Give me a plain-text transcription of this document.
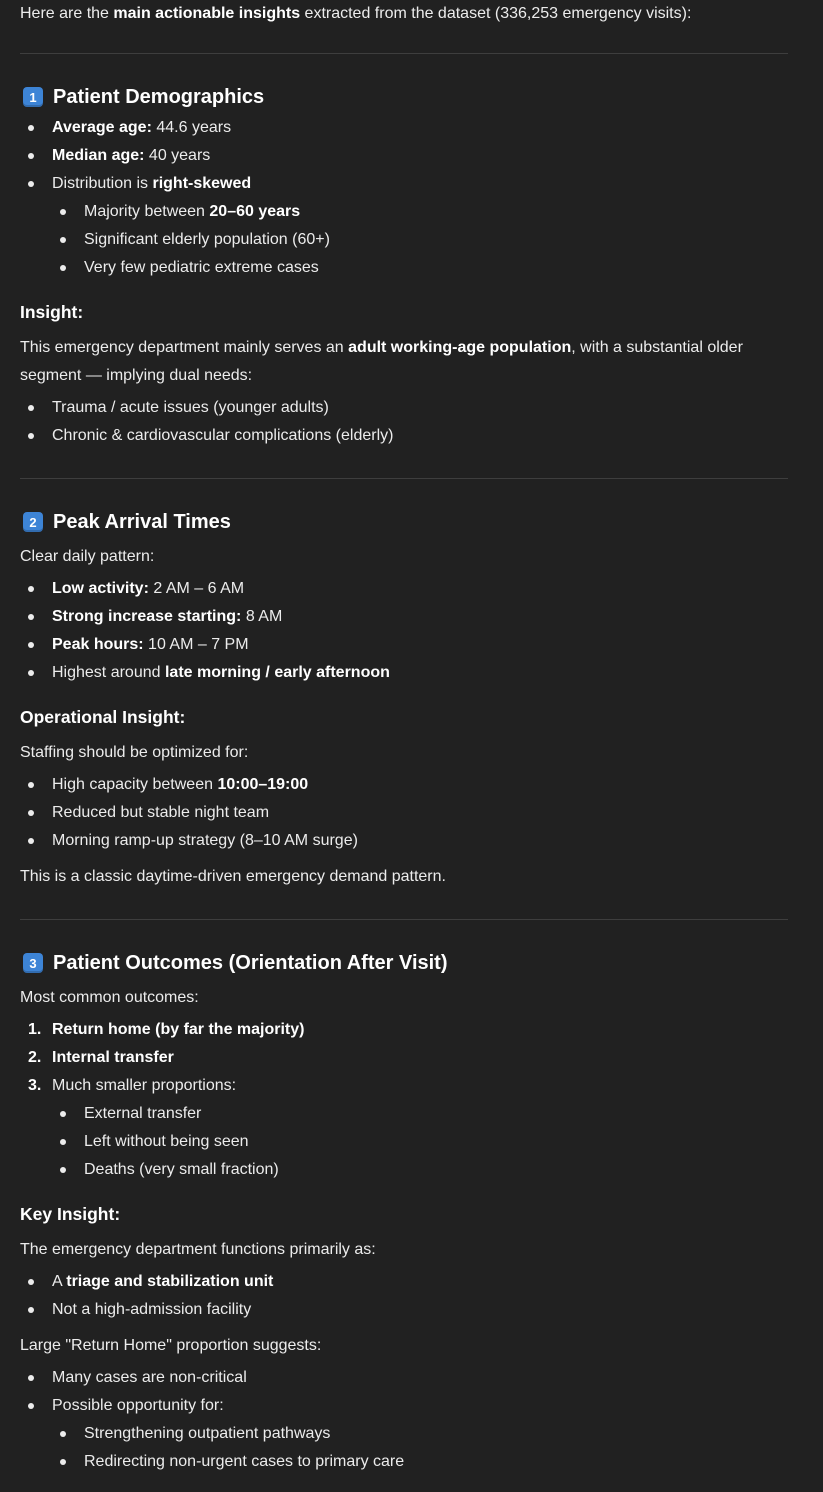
Here are the main actionable insights extracted from the dataset (336,253 emergency visits):

1 Patient Demographics
Average age: 44.6 years
Median age: 40 years
Distribution is right-skewed
Majority between 20–60 years
Significant elderly population (60+)
Very few pediatric extreme cases
Insight:
This emergency department mainly serves an adult working-age population, with a substantial older segment — implying dual needs:
Trauma / acute issues (younger adults)
Chronic & cardiovascular complications (elderly)
2 Peak Arrival Times
Clear daily pattern:
Low activity: 2 AM – 6 AM
Strong increase starting: 8 AM
Peak hours: 10 AM – 7 PM
Highest around late morning / early afternoon
Operational Insight:
Staffing should be optimized for:
High capacity between 10:00–19:00
Reduced but stable night team
Morning ramp-up strategy (8–10 AM surge)
This is a classic daytime-driven emergency demand pattern.
3 Patient Outcomes (Orientation After Visit)
Most common outcomes:
1. Return home (by far the majority)
2. Internal transfer
3. Much smaller proportions:
External transfer
Left without being seen
Deaths (very small fraction)
Key Insight:
The emergency department functions primarily as:
A triage and stabilization unit
Not a high-admission facility
Large "Return Home" proportion suggests:
Many cases are non-critical
Possible opportunity for:
Strengthening outpatient pathways
Redirecting non-urgent cases to primary care
